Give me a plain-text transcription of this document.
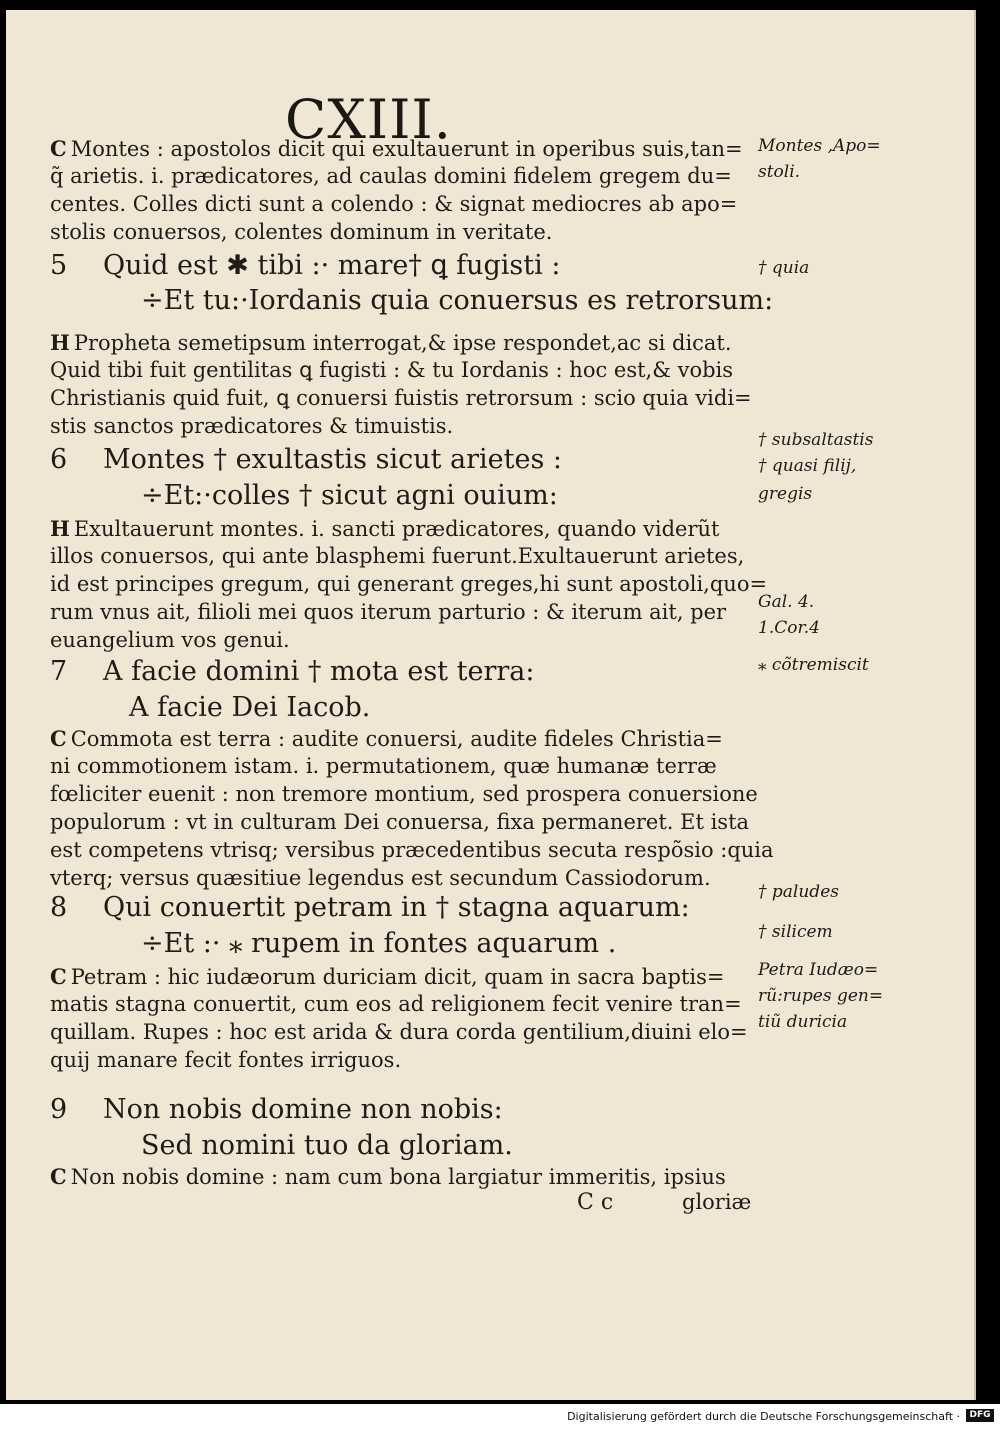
CXIII.
C Montes : apostolos dicit qui exultauerunt in operibus suis,tan=
q̃ arietis. i. prædicatores, ad caulas domini fidelem gregem du=
centes. Colles dicti sunt a colendo : & signat mediocres ab apo=
stolis conuersos, colentes dominum in veritate.
5 Quid est ✱ tibi :· mare† ꝗ fugisti :
÷Et tu:·Iordanis quia conuersus es retrorsum:
H Propheta semetipsum interrogat,& ipse respondet,ac si dicat.
Quid tibi fuit gentilitas ꝗ fugisti : & tu Iordanis : hoc est,& vobis
Christianis quid fuit, ꝗ conuersi fuistis retrorsum : scio quia vidi=
stis sanctos prædicatores & timuistis.
6 Montes † exultastis sicut arietes :
÷Et:·colles † sicut agni ouium:
H Exultauerunt montes. i. sancti prædicatores, quando viderũt
illos conuersos, qui ante blasphemi fuerunt.Exultauerunt arietes,
id est principes gregum, qui generant greges,hi sunt apostoli,quo=
rum vnus ait, filioli mei quos iterum parturio : & iterum ait, per
euangelium vos genui.
7 A facie domini † mota est terra:
A facie Dei Iacob.
C Commota est terra : audite conuersi, audite fideles Christia=
ni commotionem istam. i. permutationem, quæ humanæ terræ
fœliciter euenit : non tremore montium, sed prospera conuersione
populorum : vt in culturam Dei conuersa, fixa permaneret. Et ista
est competens vtrisq; versibus præcedentibus secuta respõsio :quia
vterq; versus quæsitiue legendus est secundum Cassiodorum.
8 Qui conuertit petram in † stagna aquarum:
÷Et :· ⁎ rupem in fontes aquarum .
C Petram : hic iudæorum duriciam dicit, quam in sacra baptis=
matis stagna conuertit, cum eos ad religionem fecit venire tran=
quillam. Rupes : hoc est arida & dura corda gentilium,diuini elo=
quij manare fecit fontes irriguos.
9 Non nobis domine non nobis:
Sed nomini tuo da gloriam.
C Non nobis domine : nam cum bona largiatur immeritis, ipsius
Montes ,Apo=
stoli.
† quia
† subsaltastis
† quasi filij,
gregis
Gal. 4.
1.Cor.4
⁎ cõtremiscit
† paludes
† silicem
Petra Iudæo=
rũ:rupes gen=
tiũ duricia
C c	gloriæ
Digitalisierung gefördert durch die Deutsche Forschungsgemeinschaft ·	DFG
